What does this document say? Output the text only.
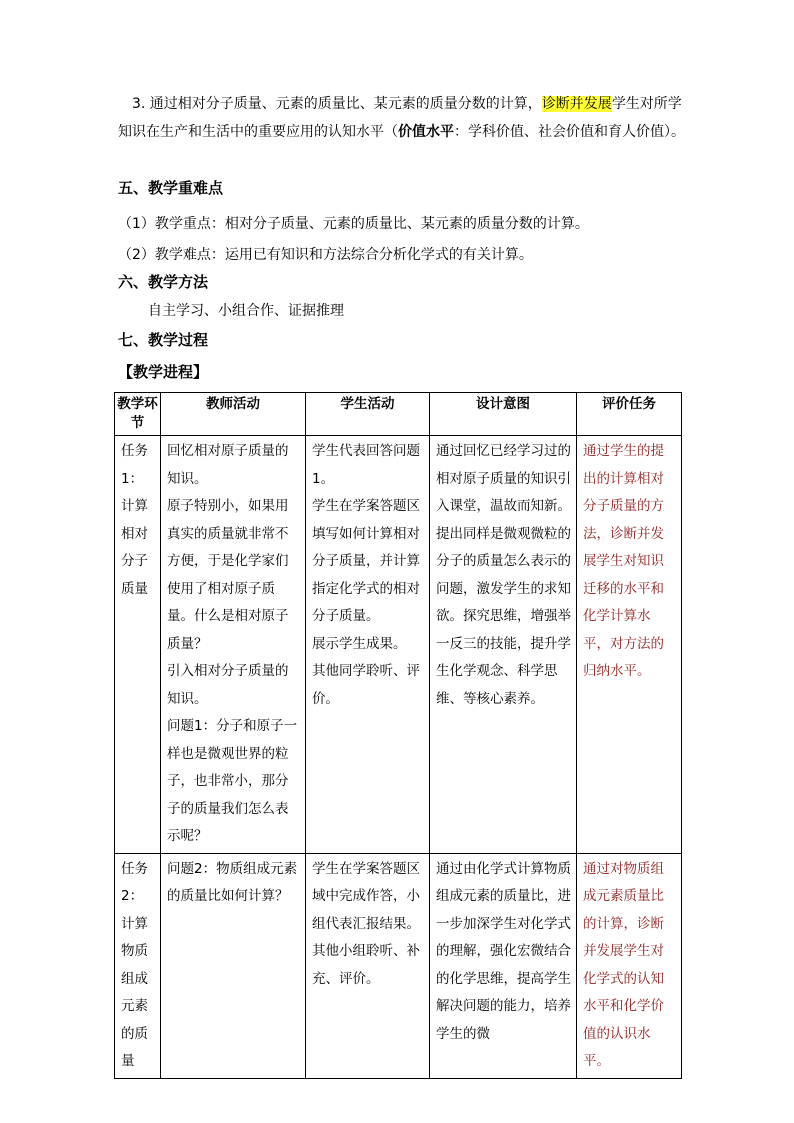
3. 通过相对分子质量、元素的质量比、某元素的质量分数的计算，诊断并发展学生对所学知识在生产和生活中的重要应用的认知水平（价值水平：学科价值、社会价值和育人价值）。
五、教学重难点
（1）教学重点：相对分子质量、元素的质量比、某元素的质量分数的计算。
（2）教学难点：运用已有知识和方法综合分析化学式的有关计算。
六、教学方法
自主学习、小组合作、证据推理
七、教学过程
【教学进程】
教学环节	教师活动	学生活动	设计意图	评价任务
任务1：计算相对分子质量	回忆相对原子质量的知识。
原子特别小，如果用真实的质量就非常不方便，于是化学家们使用了相对原子质量。什么是相对原子质量？
引入相对分子质量的知识。
问题1：分子和原子一样也是微观世界的粒子，也非常小，那分子的质量我们怎么表示呢？	学生代表回答问题1。
学生在学案答题区填写如何计算相对分子质量，并计算指定化学式的相对分子质量。
展示学生成果。
其他同学聆听、评价。	通过回忆已经学习过的相对原子质量的知识引入课堂，温故而知新。提出同样是微观微粒的分子的质量怎么表示的问题，激发学生的求知欲。探究思维，增强举一反三的技能，提升学生化学观念、科学思维、等核心素养。	通过学生的提出的计算相对分子质量的方法，诊断并发展学生对知识迁移的水平和化学计算水平，对方法的归纳水平。
任务2：计算物质组成元素的质量	问题2：物质组成元素的质量比如何计算？	学生在学案答题区域中完成作答，小组代表汇报结果。
其他小组聆听、补充、评价。	通过由化学式计算物质组成元素的质量比，进一步加深学生对化学式的理解，强化宏微结合的化学思维，提高学生解决问题的能力，培养学生的微	通过对物质组成元素质量比的计算，诊断并发展学生对化学式的认知水平和化学价值的认识水平。
